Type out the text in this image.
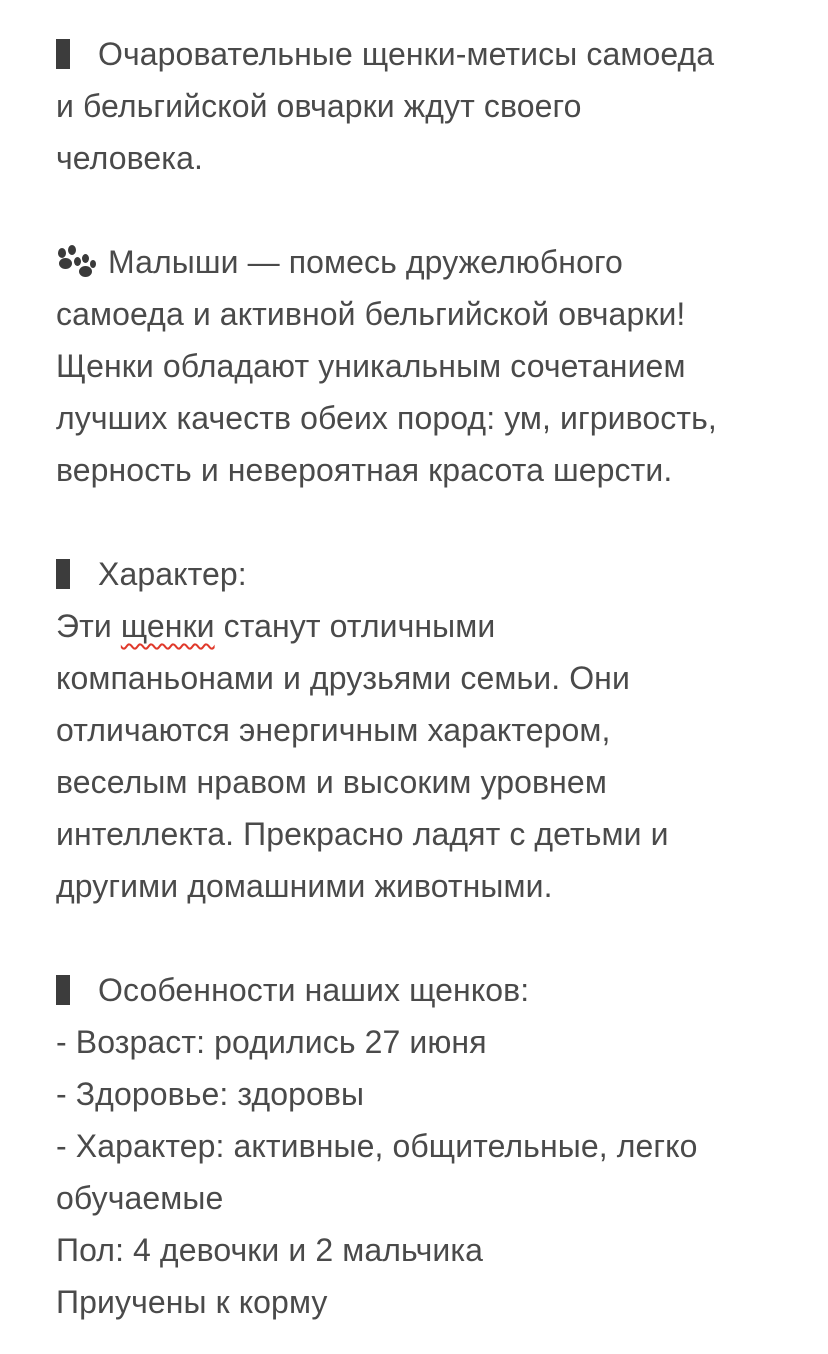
Очаровательные щенки-метисы самоеда
и бельгийской овчарки ждут своего
человека.
Малыши — помесь дружелюбного
самоеда и активной бельгийской овчарки!
Щенки обладают уникальным сочетанием
лучших качеств обеих пород: ум, игривость,
верность и невероятная красота шерсти.
Характер:
Эти щенки станут отличными
компаньонами и друзьями семьи. Они
отличаются энергичным характером,
веселым нравом и высоким уровнем
интеллекта. Прекрасно ладят с детьми и
другими домашними животными.
Особенности наших щенков:
- Возраст: родились 27 июня
- Здоровье: здоровы
- Характер: активные, общительные, легко
обучаемые
Пол: 4 девочки и 2 мальчика
Приучены к корму
